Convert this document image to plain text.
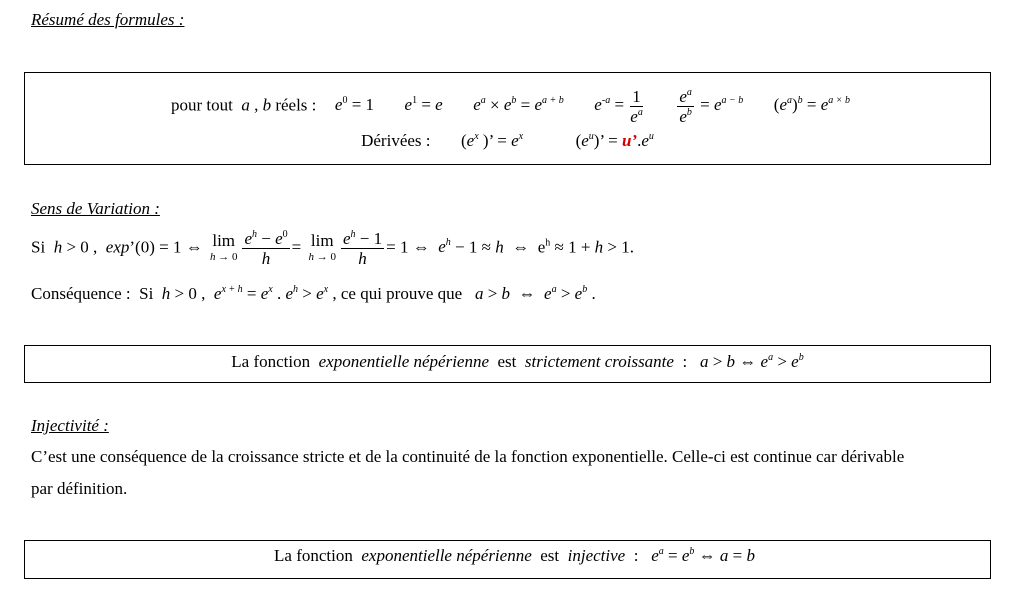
Résumé des formules :
pour tout  a , b réels : $e^0 = 1$ $e^1 = e$ $e^a \times e^b = e^{a + b}$ $e^{-a} = \frac{1}{e^a}$
$\frac{e^a}{e^b} = e^{a - b}$ $(e^a)^b = e^{a \times b}$
Dérivées : ($e^x$ )’ = $e^x$	$(e^u)$’ = $u’.e^u$
Sens de Variation :
Si h > 0 ,  exp’(0) = 1 ⇔ lim
$h \to 0 \frac{e^h - e^0}{h} = \lim$
$h \to 0 \frac{e^h - 1}{h} = 1$ ⇔  $e^h - 1 \approx h$  ⇔  $e^h \approx 1 + h > 1$.
Conséquence : Si h > 0 ,  $e^{x + h} = e^x$ . $e^h > e^x$ , ce qui prouve que a > b  ⇔  $e^a > e^b$ .
La fonction exponentielle népérienne est strictement croissante : a > b ⇔ $e^a > e^b$
Injectivité :
C’est une conséquence de la croissance stricte et de la continuité de la fonction exponentielle. Celle-ci est continue car dérivable
par définition.
La fonction exponentielle népérienne est injective : $e^a = e^b$ ⇔ a = b
